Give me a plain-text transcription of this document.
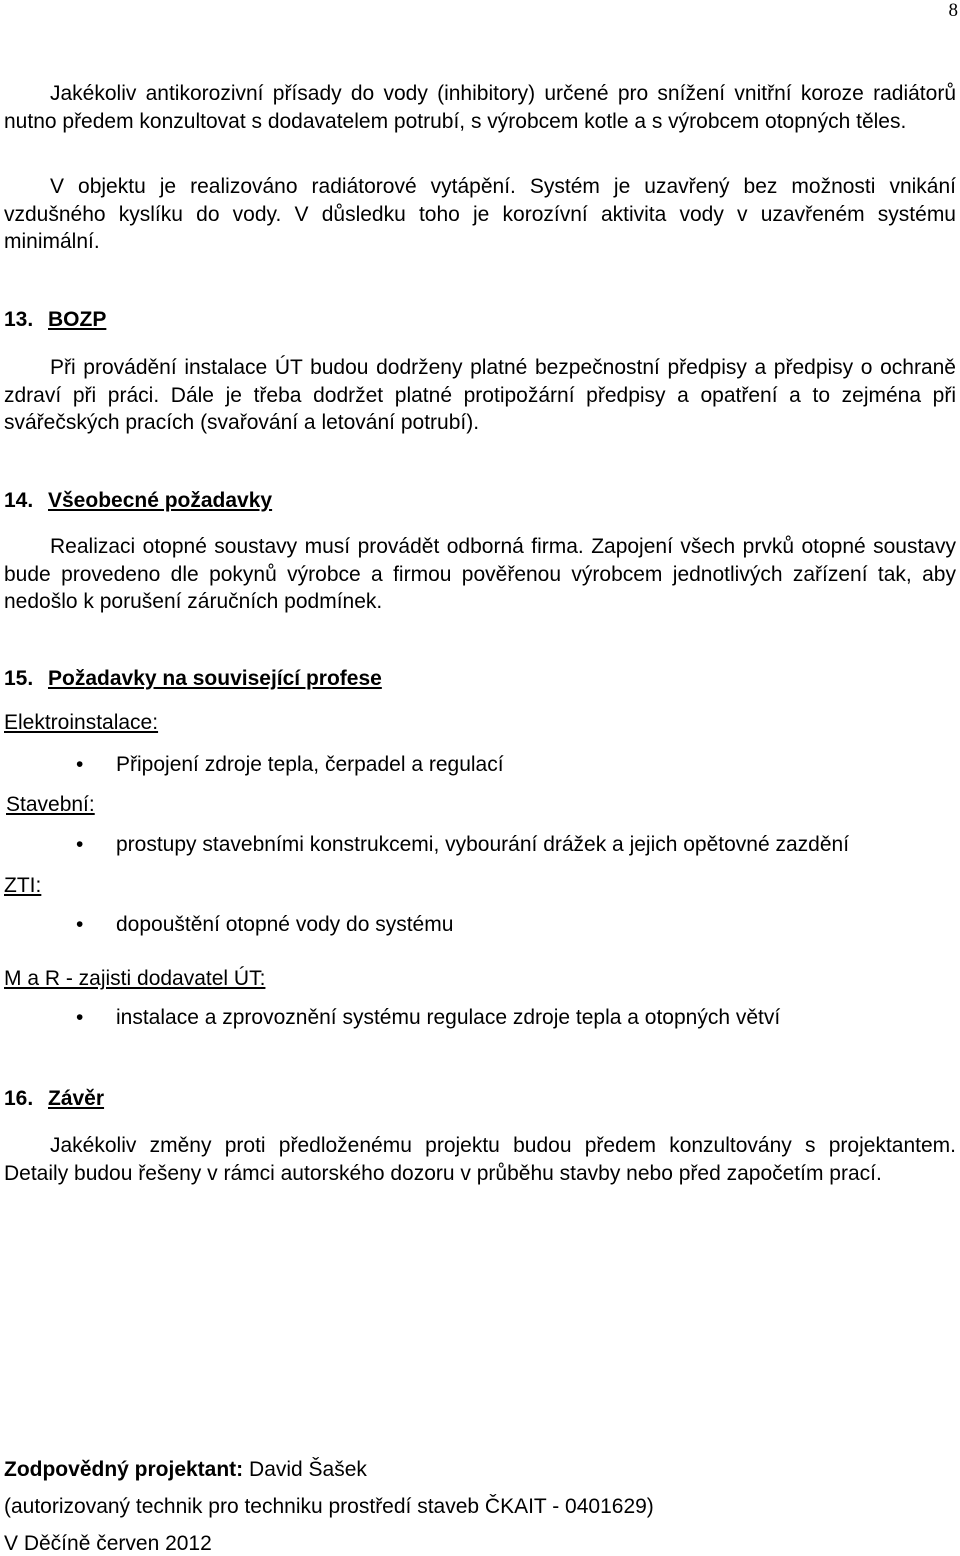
8
Jakékoliv antikorozivní přísady do vody (inhibitory) určené pro snížení vnitřní koroze radiátorů nutno předem konzultovat s dodavatelem potrubí, s výrobcem kotle a s výrobcem otopných těles.
V objektu je realizováno radiátorové vytápění. Systém je uzavřený bez možnosti vnikání vzdušného kyslíku do vody. V důsledku toho je korozívní aktivita vody v uzavřeném systému minimální.
13. BOZP
Při provádění instalace ÚT budou dodrženy platné bezpečnostní předpisy a předpisy o ochraně zdraví při práci. Dále je třeba dodržet platné protipožární předpisy a opatření a to zejména při svářečských pracích (svařování a letování potrubí).
14. Všeobecné požadavky
Realizaci otopné soustavy musí provádět odborná firma. Zapojení všech prvků otopné soustavy bude provedeno dle pokynů výrobce a firmou pověřenou výrobcem jednotlivých zařízení tak, aby nedošlo k porušení záručních podmínek.
15. Požadavky na související profese
Elektroinstalace:
• Připojení zdroje tepla, čerpadel a regulací
Stavební:
• prostupy stavebními konstrukcemi, vybourání drážek a jejich opětovné zazdění
ZTI:
• dopouštění otopné vody do systému
M a R - zajisti dodavatel ÚT:
• instalace a zprovoznění systému regulace zdroje tepla a otopných větví
16. Závěr
Jakékoliv změny proti předloženému projektu budou předem konzultovány s projektantem. Detaily budou řešeny v rámci autorského dozoru v průběhu stavby nebo před započetím prací.
Zodpovědný projektant: David Šašek
(autorizovaný technik pro techniku prostředí staveb ČKAIT - 0401629)
V Děčíně červen 2012
